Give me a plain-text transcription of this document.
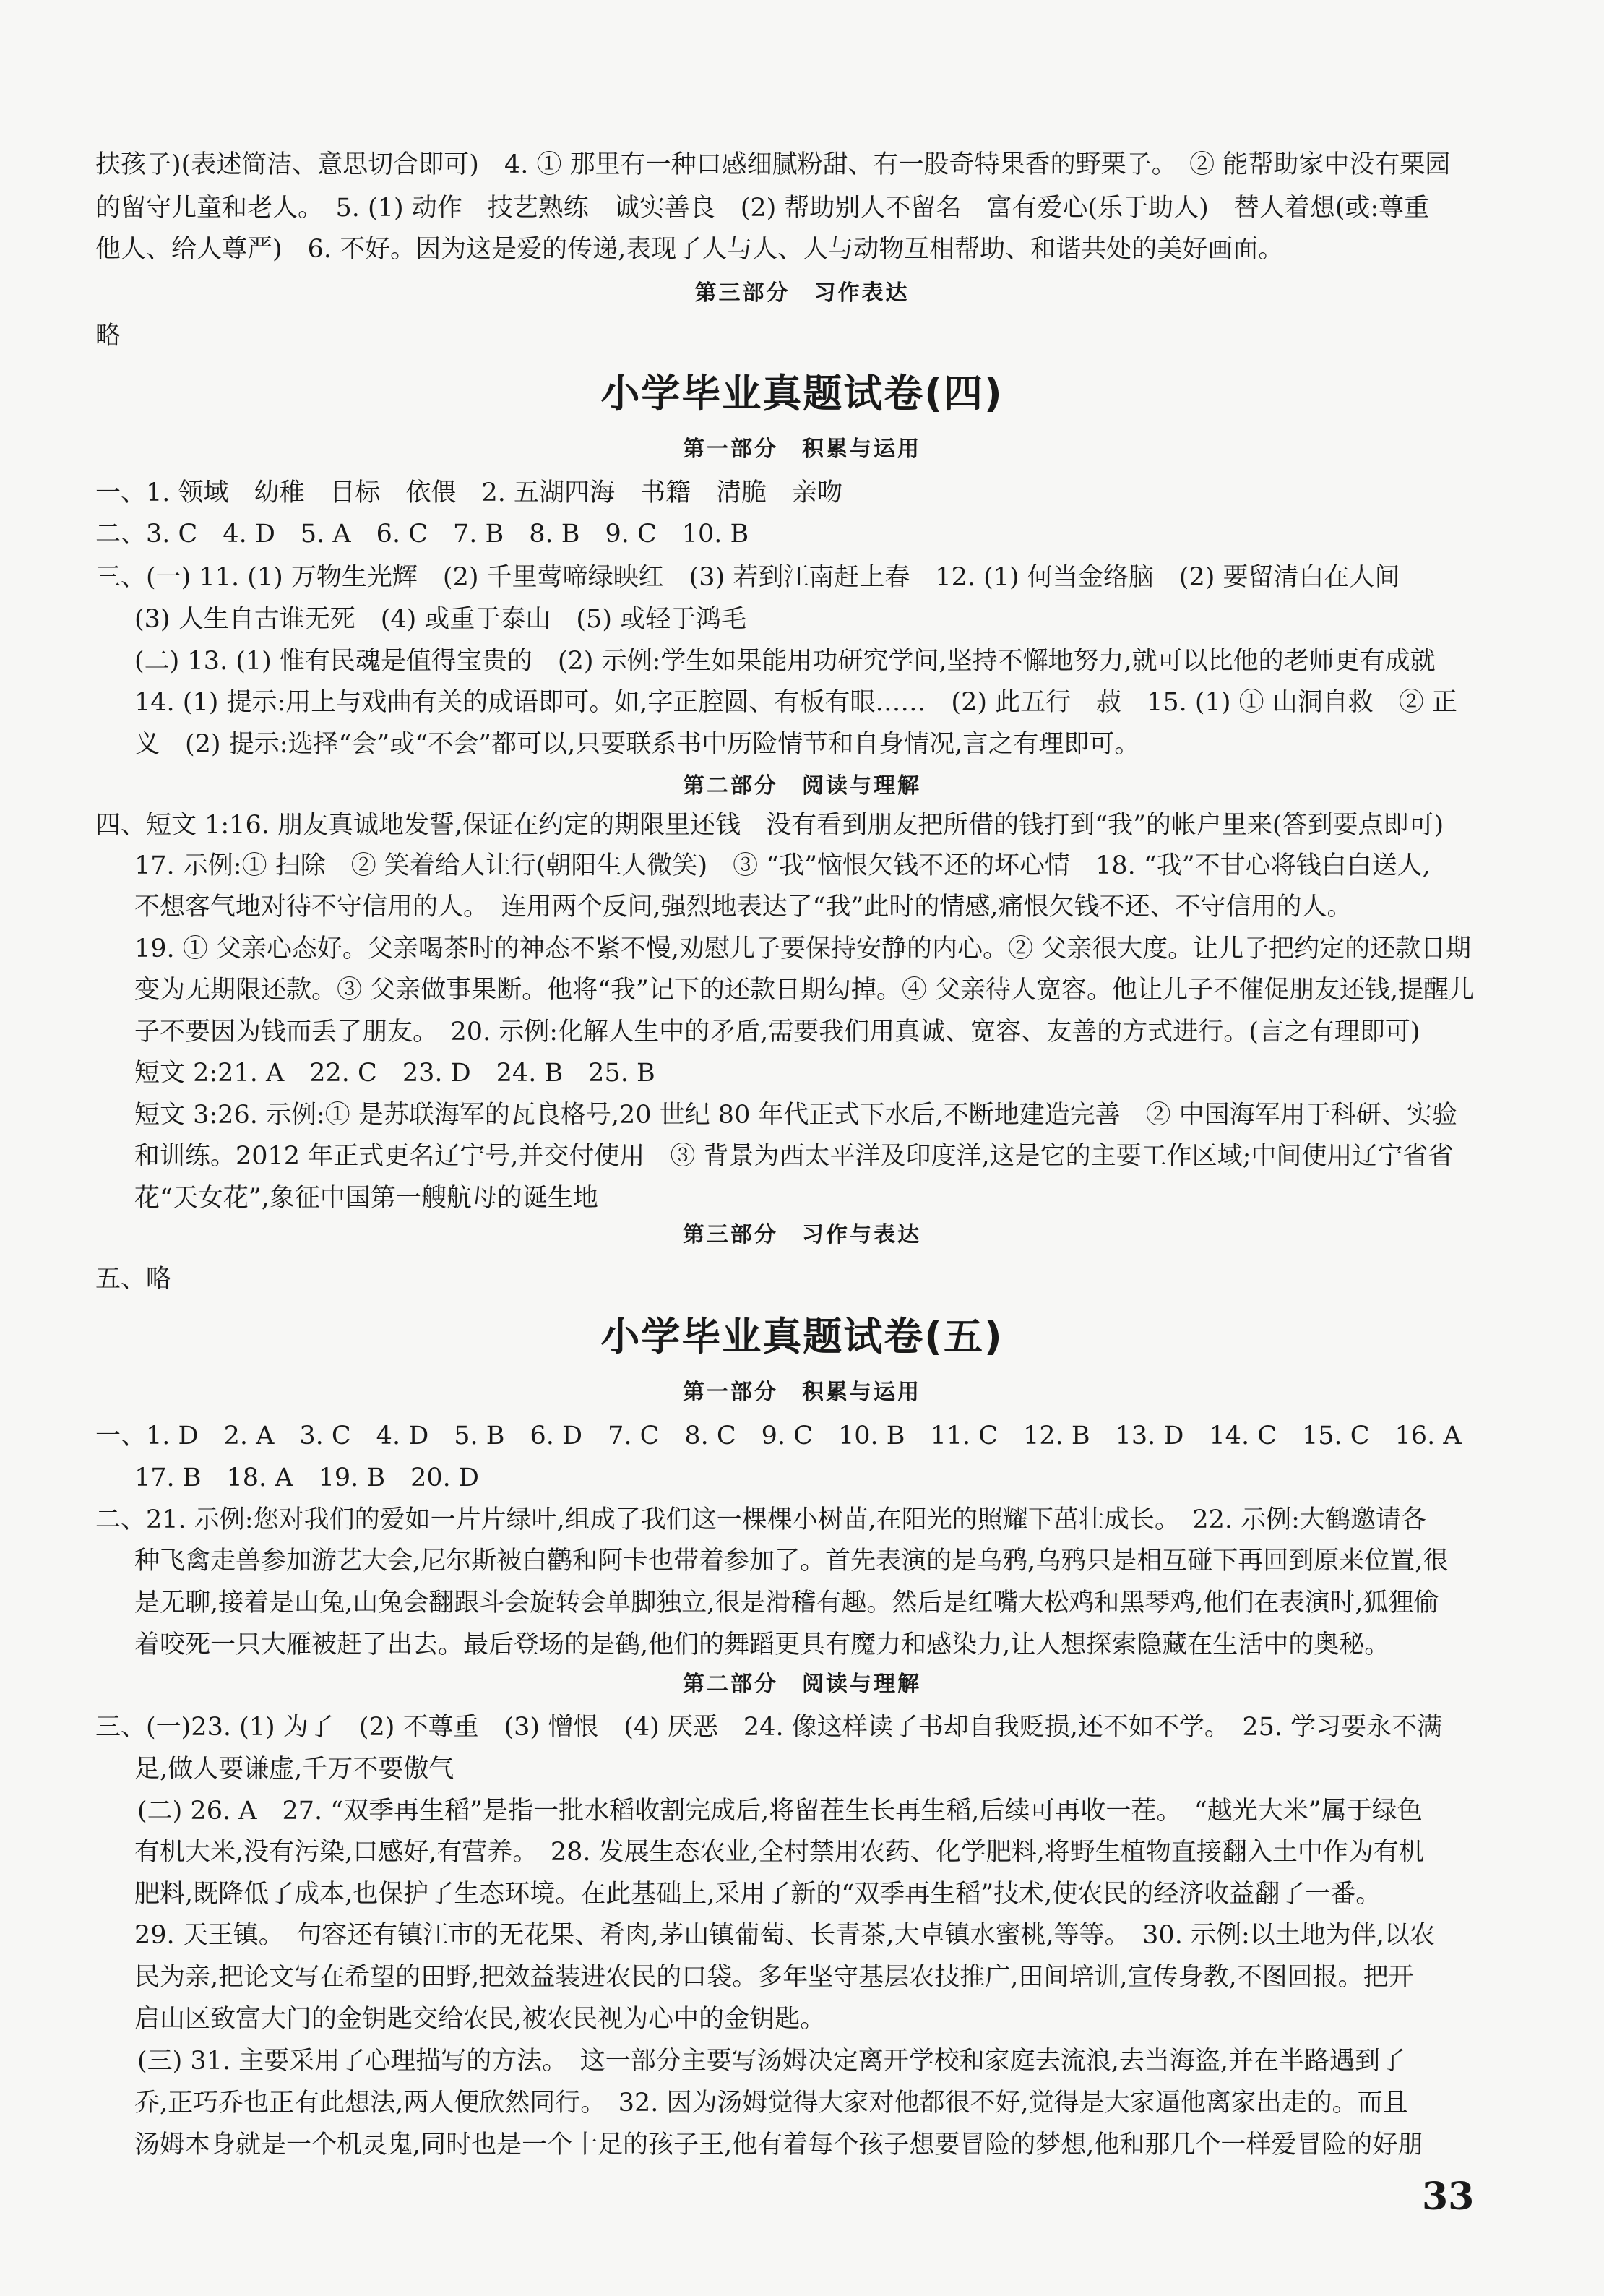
扶孩子)(表述简洁、意思切合即可)　4. ① 那里有一种口感细腻粉甜、有一股奇特果香的野栗子。　② 能帮助家中没有栗园
的留守儿童和老人。　5. (1) 动作　技艺熟练　诚实善良　(2) 帮助别人不留名　富有爱心(乐于助人)　替人着想(或:尊重
他人、给人尊严)　6. 不好。因为这是爱的传递,表现了人与人、人与动物互相帮助、和谐共处的美好画面。
第三部分　习作表达
略
小学毕业真题试卷(四)
第一部分　积累与运用
一、1. 领域　幼稚　目标　依偎　2. 五湖四海　书籍　清脆　亲吻
二、3. C　4. D　5. A　6. C　7. B　8. B　9. C　10. B
三、(一) 11. (1) 万物生光辉　(2) 千里莺啼绿映红　(3) 若到江南赶上春　12. (1) 何当金络脑　(2) 要留清白在人间
(3) 人生自古谁无死　(4) 或重于泰山　(5) 或轻于鸿毛
(二) 13. (1) 惟有民魂是值得宝贵的　(2) 示例:学生如果能用功研究学问,坚持不懈地努力,就可以比他的老师更有成就
14. (1) 提示:用上与戏曲有关的成语即可。如,字正腔圆、有板有眼……　(2) 此五行　菽　15. (1) ① 山洞自救　② 正
义　(2) 提示:选择“会”或“不会”都可以,只要联系书中历险情节和自身情况,言之有理即可。
第二部分　阅读与理解
四、短文 1:16. 朋友真诚地发誓,保证在约定的期限里还钱　没有看到朋友把所借的钱打到“我”的帐户里来(答到要点即可)
17. 示例:① 扫除　② 笑着给人让行(朝阳生人微笑)　③ “我”恼恨欠钱不还的坏心情　18. “我”不甘心将钱白白送人,
不想客气地对待不守信用的人。　连用两个反问,强烈地表达了“我”此时的情感,痛恨欠钱不还、不守信用的人。
19. ① 父亲心态好。父亲喝茶时的神态不紧不慢,劝慰儿子要保持安静的内心。② 父亲很大度。让儿子把约定的还款日期
变为无期限还款。③ 父亲做事果断。他将“我”记下的还款日期勾掉。④ 父亲待人宽容。他让儿子不催促朋友还钱,提醒儿
子不要因为钱而丢了朋友。　20. 示例:化解人生中的矛盾,需要我们用真诚、宽容、友善的方式进行。(言之有理即可)
短文 2:21. A　22. C　23. D　24. B　25. B
短文 3:26. 示例:① 是苏联海军的瓦良格号,20 世纪 80 年代正式下水后,不断地建造完善　② 中国海军用于科研、实验
和训练。2012 年正式更名辽宁号,并交付使用　③ 背景为西太平洋及印度洋,这是它的主要工作区域;中间使用辽宁省省
花“天女花”,象征中国第一艘航母的诞生地
第三部分　习作与表达
五、略
小学毕业真题试卷(五)
第一部分　积累与运用
一、1. D　2. A　3. C　4. D　5. B　6. D　7. C　8. C　9. C　10. B　11. C　12. B　13. D　14. C　15. C　16. A
17. B　18. A　19. B　20. D
二、21. 示例:您对我们的爱如一片片绿叶,组成了我们这一棵棵小树苗,在阳光的照耀下茁壮成长。　22. 示例:大鹤邀请各
种飞禽走兽参加游艺大会,尼尔斯被白鹳和阿卡也带着参加了。首先表演的是乌鸦,乌鸦只是相互碰下再回到原来位置,很
是无聊,接着是山兔,山兔会翻跟斗会旋转会单脚独立,很是滑稽有趣。然后是红嘴大松鸡和黑琴鸡,他们在表演时,狐狸偷
着咬死一只大雁被赶了出去。最后登场的是鹤,他们的舞蹈更具有魔力和感染力,让人想探索隐藏在生活中的奥秘。
第二部分　阅读与理解
三、(一)23. (1) 为了　(2) 不尊重　(3) 憎恨　(4) 厌恶　24. 像这样读了书却自我贬损,还不如不学。　25. 学习要永不满
足,做人要谦虚,千万不要傲气
(二) 26. A　27. “双季再生稻”是指一批水稻收割完成后,将留茬生长再生稻,后续可再收一茬。　“越光大米”属于绿色
有机大米,没有污染,口感好,有营养。　28. 发展生态农业,全村禁用农药、化学肥料,将野生植物直接翻入土中作为有机
肥料,既降低了成本,也保护了生态环境。在此基础上,采用了新的“双季再生稻”技术,使农民的经济收益翻了一番。
29. 天王镇。　句容还有镇江市的无花果、肴肉,茅山镇葡萄、长青茶,大卓镇水蜜桃,等等。　30. 示例:以土地为伴,以农
民为亲,把论文写在希望的田野,把效益装进农民的口袋。多年坚守基层农技推广,田间培训,宣传身教,不图回报。把开
启山区致富大门的金钥匙交给农民,被农民视为心中的金钥匙。
(三) 31. 主要采用了心理描写的方法。　这一部分主要写汤姆决定离开学校和家庭去流浪,去当海盗,并在半路遇到了
乔,正巧乔也正有此想法,两人便欣然同行。　32. 因为汤姆觉得大家对他都很不好,觉得是大家逼他离家出走的。而且
汤姆本身就是一个机灵鬼,同时也是一个十足的孩子王,他有着每个孩子想要冒险的梦想,他和那几个一样爱冒险的好朋
33
